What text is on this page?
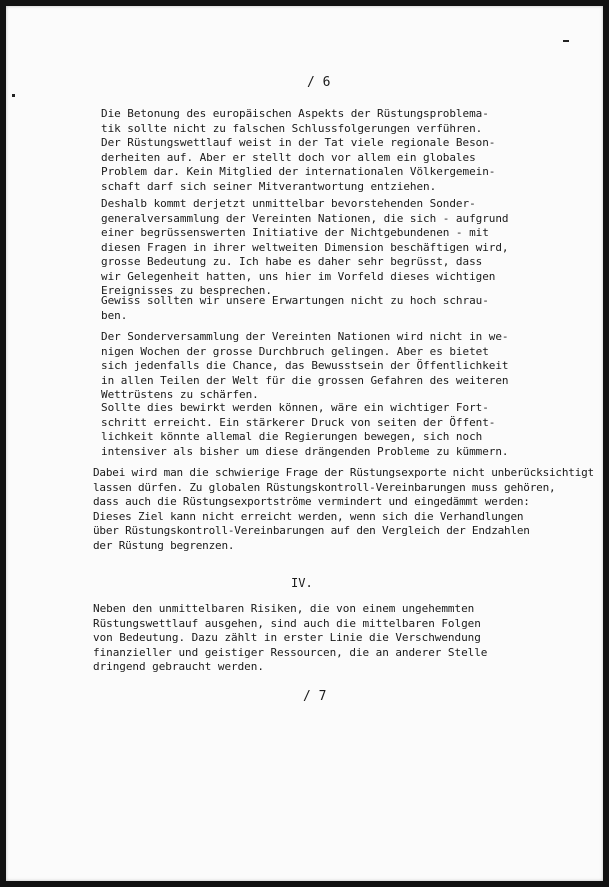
/ 6

Die Betonung des europäischen Aspekts der Rüstungsproblema-
tik sollte nicht zu falschen Schlussfolgerungen verführen.
Der Rüstungswettlauf weist in der Tat viele regionale Beson-
derheiten auf. Aber er stellt doch vor allem ein globales
Problem dar. Kein Mitglied der internationalen Völkergemein-
schaft darf sich seiner Mitverantwortung entziehen.

Deshalb kommt derjetzt unmittelbar bevorstehenden Sonder-
generalversammlung der Vereinten Nationen, die sich - aufgrund
einer begrüssenswerten Initiative der Nichtgebundenen - mit
diesen Fragen in ihrer weltweiten Dimension beschäftigen wird,
grosse Bedeutung zu. Ich habe es daher sehr begrüsst, dass
wir Gelegenheit hatten, uns hier im Vorfeld dieses wichtigen
Ereignisses zu besprechen.

Gewiss sollten wir unsere Erwartungen nicht zu hoch schrau-
ben.

Der Sonderversammlung der Vereinten Nationen wird nicht in we-
nigen Wochen der grosse Durchbruch gelingen. Aber es bietet
sich jedenfalls die Chance, das Bewusstsein der Öffentlichkeit
in allen Teilen der Welt für die grossen Gefahren des weiteren
Wettrüstens zu schärfen.

Sollte dies bewirkt werden können, wäre ein wichtiger Fort-
schritt erreicht. Ein stärkerer Druck von seiten der Öffent-
lichkeit könnte allemal die Regierungen bewegen, sich noch
intensiver als bisher um diese drängenden Probleme zu kümmern.

Dabei wird man die schwierige Frage der Rüstungsexporte nicht unberücksichtigt
lassen dürfen. Zu globalen Rüstungskontroll-Vereinbarungen muss gehören,
dass auch die Rüstungsexportströme vermindert und eingedämmt werden:
Dieses Ziel kann nicht erreicht werden, wenn sich die Verhandlungen
über Rüstungskontroll-Vereinbarungen auf den Vergleich der Endzahlen
der Rüstung begrenzen.

IV.

Neben den unmittelbaren Risiken, die von einem ungehemmten
Rüstungswettlauf ausgehen, sind auch die mittelbaren Folgen
von Bedeutung. Dazu zählt in erster Linie die Verschwendung
finanzieller und geistiger Ressourcen, die an anderer Stelle
dringend gebraucht werden.

/ 7
